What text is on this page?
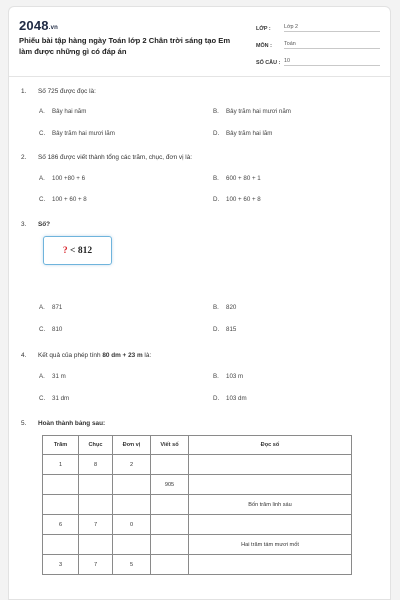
2048.vn
Phiếu bài tập hàng ngày Toán lớp 2 Chân trời sáng tạo Em làm được những gì có đáp án
LỚP :	Lớp 2
MÔN :	Toán
SỐ CÂU : 10
1. Số 725 được đọc là:
A. Bảy hai năm	B. Bảy trăm hai mươi năm
C. Bảy trăm hai mươi lăm	D. Bảy trăm hai lăm
2. Số 186 được viết thành tổng các trăm, chục, đơn vị là:
A. 100 +80 + 6	B. 600 + 80 + 1
C. 100 + 60 + 8	D. 100 + 60 + 8
3. Số?
? < 812
A. 871	B. 820
C. 810	D. 815
4. Kết quả của phép tính 80 dm + 23 m là:
A. 31 m	B. 103 m
C. 31 dm	D. 103 dm
5. Hoàn thành bảng sau:
Trăm	Chục	Đơn vị	Viết số	Đọc số
1	8	2		
			905	
				Bốn trăm linh sáu
6	7	0		
				Hai trăm tám mươi mốt
3	7	5		
